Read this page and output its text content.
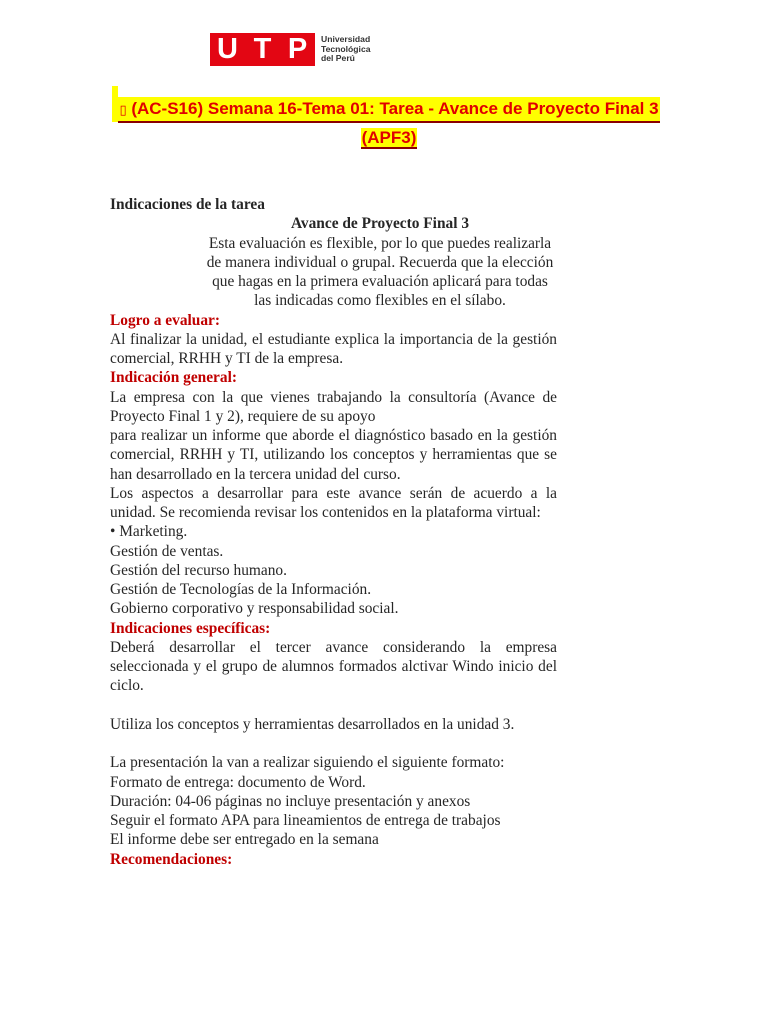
U T P	Universidad
Tecnológica
del Perú
▯ (AC-S16) Semana 16-Tema 01: Tarea - Avance de Proyecto Final 3
(APF3)
Indicaciones de la tarea
Avance de Proyecto Final 3
Esta evaluación es flexible, por lo que puedes realizarla
de manera individual o grupal. Recuerda que la elección
que hagas en la primera evaluación aplicará para todas
las indicadas como flexibles en el sílabo.
Logro a evaluar:
Al finalizar la unidad, el estudiante explica la importancia de la gestión
comercial, RRHH y TI de la empresa.
Indicación general:
La empresa con la que vienes trabajando la consultoría (Avance de
Proyecto Final 1 y 2), requiere de su apoyo
para realizar un informe que aborde el diagnóstico basado en la gestión
comercial, RRHH y TI, utilizando los conceptos y herramientas que se
han desarrollado en la tercera unidad del curso.
Los aspectos a desarrollar para este avance serán de acuerdo a la
unidad. Se recomienda revisar los contenidos en la plataforma virtual:
• Marketing.
Gestión de ventas.
Gestión del recurso humano.
Gestión de Tecnologías de la Información.
Gobierno corporativo y responsabilidad social.
Indicaciones específicas:
Deberá desarrollar el tercer avance considerando la empresa
seleccionada y el grupo de alumnos formados alctivar Windo inicio del
ciclo.
Utiliza los conceptos y herramientas desarrollados en la unidad 3.
La presentación la van a realizar siguiendo el siguiente formato:
Formato de entrega: documento de Word.
Duración: 04-06 páginas no incluye presentación y anexos
Seguir el formato APA para lineamientos de entrega de trabajos
El informe debe ser entregado en la semana
Recomendaciones:
